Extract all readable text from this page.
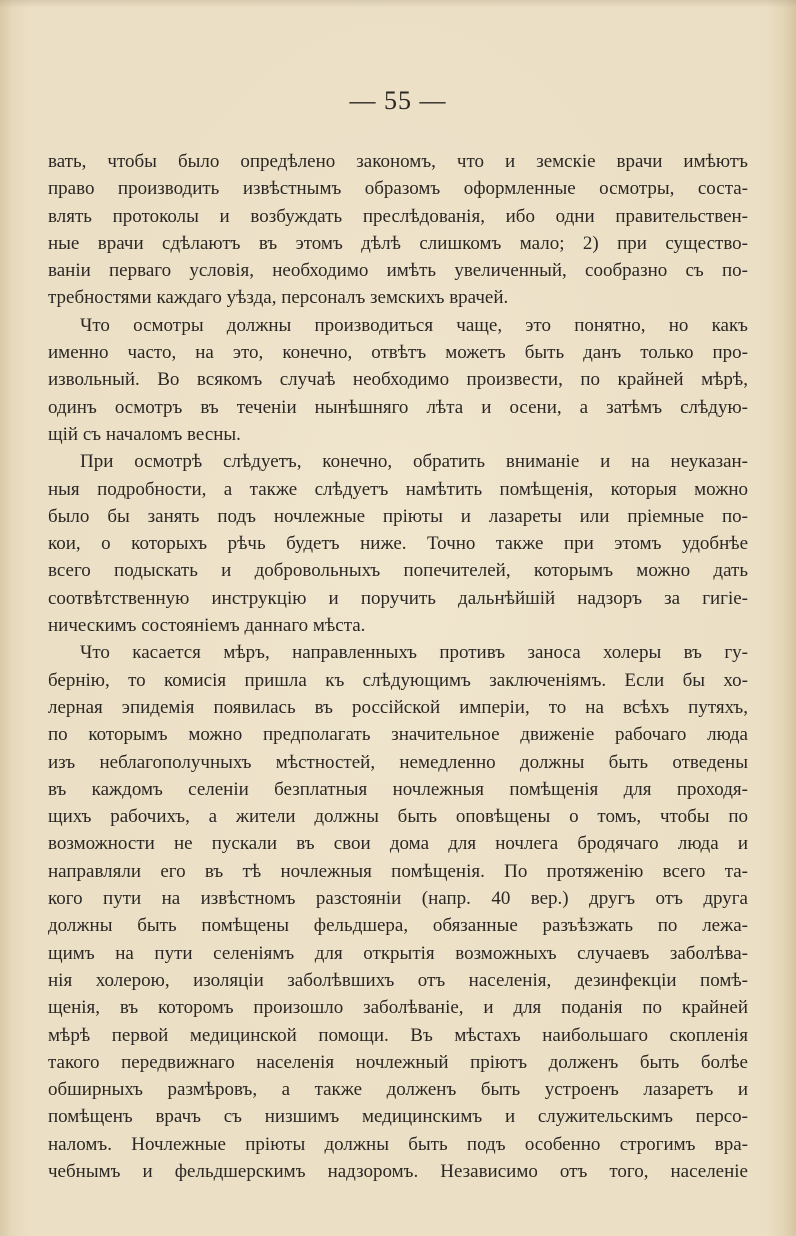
— 55 —
вать, чтобы было опредѣлено закономъ, что и земскіе врачи имѣютъ
право производить извѣстнымъ образомъ оформленные осмотры, соста-
влять протоколы и возбуждать преслѣдованія, ибо одни правительствен-
ные врачи сдѣлаютъ въ этомъ дѣлѣ слишкомъ мало; 2) при существо-
ваніи перваго условія, необходимо имѣть увеличенный, сообразно съ по-
требностями каждаго уѣзда, персоналъ земскихъ врачей.
Что осмотры должны производиться чаще, это понятно, но какъ
именно часто, на это, конечно, отвѣтъ можетъ быть данъ только про-
извольный. Во всякомъ случаѣ необходимо произвести, по крайней мѣрѣ,
одинъ осмотръ въ теченіи нынѣшняго лѣта и осени, а затѣмъ слѣдую-
щій съ началомъ весны.
При осмотрѣ слѣдуетъ, конечно, обратить вниманіе и на неуказан-
ныя подробности, а также слѣдуетъ намѣтить помѣщенія, которыя можно
было бы занять подъ ночлежные пріюты и лазареты или пріемные по-
кои, о которыхъ рѣчь будетъ ниже. Точно также при этомъ удобнѣе
всего подыскать и добровольныхъ попечителей, которымъ можно дать
соотвѣтственную инструкцію и поручить дальнѣйшій надзоръ за гигіе-
ническимъ состояніемъ даннаго мѣста.
Что касается мѣръ, направленныхъ противъ заноса холеры въ гу-
бернію, то комисія пришла къ слѣдующимъ заключеніямъ. Если бы хо-
лерная эпидемія появилась въ россійской имперіи, то на всѣхъ путяхъ,
по которымъ можно предполагать значительное движеніе рабочаго люда
изъ неблагополучныхъ мѣстностей, немедленно должны быть отведены
въ каждомъ селеніи безплатныя ночлежныя помѣщенія для проходя-
щихъ рабочихъ, а жители должны быть оповѣщены о томъ, чтобы по
возможности не пускали въ свои дома для ночлега бродячаго люда и
направляли его въ тѣ ночлежныя помѣщенія. По протяженію всего та-
кого пути на извѣстномъ разстояніи (напр. 40 вер.) другъ отъ друга
должны быть помѣщены фельдшера, обязанные разъѣзжать по лежа-
щимъ на пути селеніямъ для открытія возможныхъ случаевъ заболѣва-
нія холерою, изоляціи заболѣвшихъ отъ населенія, дезинфекціи помѣ-
щенія, въ которомъ произошло заболѣваніе, и для поданія по крайней
мѣрѣ первой медицинской помощи. Въ мѣстахъ наибольшаго скопленія
такого передвижнаго населенія ночлежный пріютъ долженъ быть болѣе
обширныхъ размѣровъ, а также долженъ быть устроенъ лазаретъ и
помѣщенъ врачъ съ низшимъ медицинскимъ и служительскимъ персо-
наломъ. Ночлежные пріюты должны быть подъ особенно строгимъ вра-
чебнымъ и фельдшерскимъ надзоромъ. Независимо отъ того, населеніе
